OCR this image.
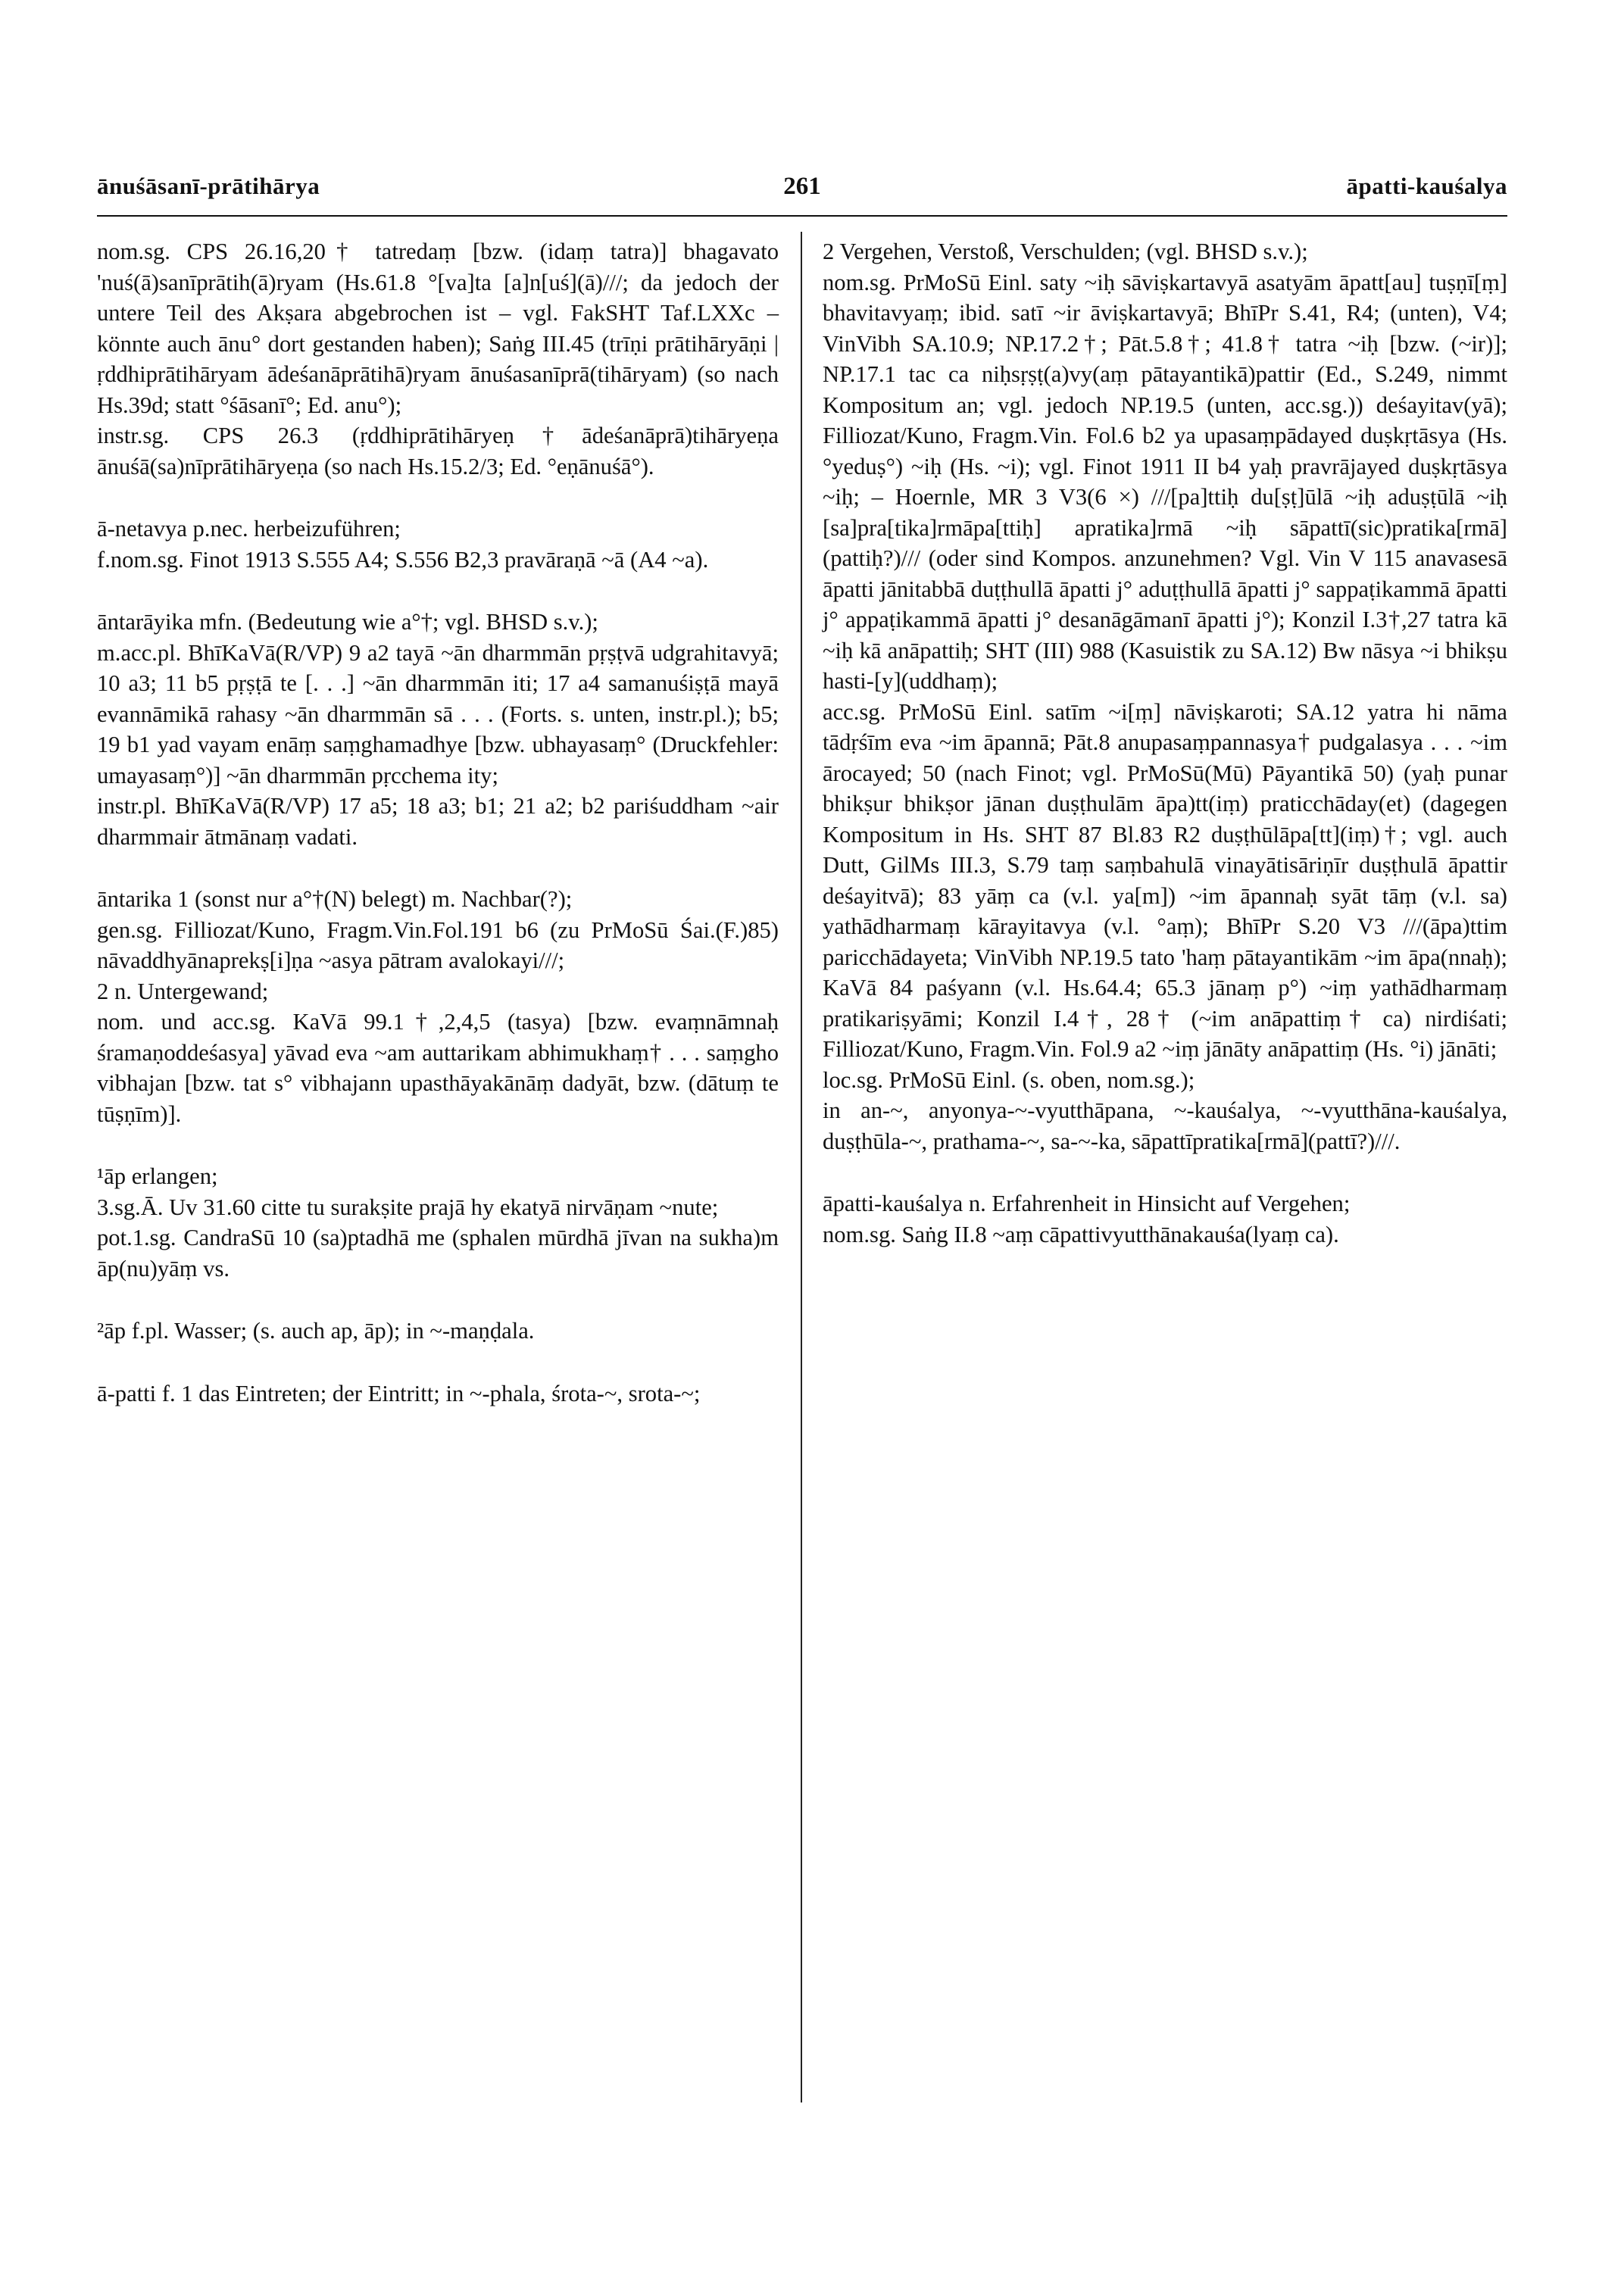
ānuśāsanī-prātihārya	261	āpatti-kauśalya

nom.sg. CPS 26.16,20† tatredaṃ [bzw. (idaṃ tatra)] bhagavato 'nuś(ā)sanīprātih(ā)ryam (Hs.61.8 °[va]ta [a]n[uś](ā)///; da jedoch der untere Teil des Akṣara abgebrochen ist – vgl. FakSHT Taf.LXXc – könnte auch ānu° dort gestanden haben); Saṅg III.45 (trīṇi prātihāryāṇi | ṛddhiprātihāryam ādeśanāprātihā)ryam ānuśasanīprā(tihāryam) (so nach Hs.39d; statt °śāsanī°; Ed. anu°);

instr.sg. CPS 26.3 (ṛddhiprātihāryeṇ†ādeśanāprā)tihāryeṇa ānuśā(sa)nīprātihāryeṇa (so nach Hs.15.2/3; Ed. °eṇānuśā°).

ā-netavya p.nec. herbeizuführen;

f.nom.sg. Finot 1913 S.555 A4; S.556 B2,3 pravāraṇā ~ā (A4 ~a).

āntarāyika mfn. (Bedeutung wie a°†; vgl. BHSD s.v.);

m.acc.pl. BhīKaVā(R/VP) 9 a2 tayā ~ān dharmmān pṛṣṭvā udgrahitavyā; 10 a3; 11 b5 pṛṣṭā te [. . .] ~ān dharmmān iti; 17 a4 samanuśiṣṭā mayā evannāmikā rahasy ~ān dharmmān sā . . . (Forts. s. unten, instr.pl.); b5; 19 b1 yad vayam enāṃ saṃghamadhye [bzw. ubhayasaṃ° (Druckfehler: umayasaṃ°)] ~ān dharmmān pṛcchema ity;

instr.pl. BhīKaVā(R/VP) 17 a5; 18 a3; b1; 21 a2; b2 pariśuddham ~air dharmmair ātmānaṃ vadati.

āntarika 1 (sonst nur a°†(N) belegt) m. Nachbar(?);

gen.sg. Filliozat/Kuno, Fragm.Vin.Fol.191 b6 (zu PrMoSū Śai.(F.)85) nāvaddhyānaprekṣ[i]ṇa ~asya pātram avalokayi///;

2 n. Untergewand;

nom. und acc.sg. KaVā 99.1†,2,4,5 (tasya) [bzw. evaṃnāmnaḥ śramaṇoddeśasya] yāvad eva ~am auttarikam abhimukhaṃ† . . . saṃgho vibhajan [bzw. tat s° vibhajann upasthāyakānāṃ dadyāt, bzw. (dātuṃ te tūṣṇīm)].

¹āp erlangen;

3.sg.Ā. Uv 31.60 citte tu surakṣite prajā hy ekatyā nirvāṇam ~nute;

pot.1.sg. CandraSū 10 (sa)ptadhā me (sphalen mūrdhā jīvan na sukha)m āp(nu)yāṃ vs.

²āp f.pl. Wasser; (s. auch ap, āp); in ~-maṇḍala.

ā-patti f. 1 das Eintreten; der Eintritt; in ~-phala, śrota-~, srota-~;

2 Vergehen, Verstoß, Verschulden; (vgl. BHSD s.v.);

nom.sg. PrMoSū Einl. saty ~iḥ sāviṣkartavyā asatyām āpatt[au] tuṣṇī[ṃ] bhavitavyaṃ; ibid. satī ~ir āviṣkartavyā; BhīPr S.41, R4; (unten), V4; VinVibh SA.10.9; NP.17.2†; Pāt.5.8†; 41.8† tatra ~iḥ [bzw. (~ir)]; NP.17.1 tac ca niḥsṛṣṭ(a)vy(aṃ pātayantikā)pattir (Ed., S.249, nimmt Kompositum an; vgl. jedoch NP.19.5 (unten, acc.sg.)) deśayitav(yā); Filliozat/Kuno, Fragm.Vin. Fol.6 b2 ya upasaṃpādayed duṣkṛtāsya (Hs. °yeduṣ°) ~iḥ (Hs. ~i); vgl. Finot 1911 II b4 yaḥ pravrājayed duṣkṛtāsya ~iḥ; – Hoernle, MR 3 V3(6 ×) ///[pa]ttiḥ du[ṣṭ]ūlā ~iḥ aduṣṭūlā ~iḥ [sa]pra[tika]rmāpa[ttiḥ] apratika]rmā ~iḥ sāpattī(sic)pratika[rmā](pattiḥ?)/// (oder sind Kompos. anzunehmen? Vgl. Vin V 115 anavasesā āpatti jānitabbā duṭṭhullā āpatti j° aduṭṭhullā āpatti j° sappaṭikammā āpatti j° appaṭikammā āpatti j° desanāgāmanī āpatti j°); Konzil I.3†,27 tatra kā ~iḥ kā anāpattiḥ; SHT (III) 988 (Kasuistik zu SA.12) Bw nāsya ~i bhikṣu hasti-[y](uddhaṃ);

acc.sg. PrMoSū Einl. satīm ~i[ṃ] nāviṣkaroti; SA.12 yatra hi nāma tādṛśīm eva ~im āpannā; Pāt.8 anupasaṃpannasya† pudgalasya . . . ~im ārocayed; 50 (nach Finot; vgl. PrMoSū(Mū) Pāyantikā 50) (yaḥ punar bhikṣur bhikṣor jānan duṣṭhulām āpa)tt(iṃ) praticchāday(et) (dagegen Kompositum in Hs. SHT 87 Bl.83 R2 duṣṭhūlāpa[tt](iṃ)†; vgl. auch Dutt, GilMs III.3, S.79 taṃ saṃbahulā vinayātisāriṇīr duṣṭhulā āpattir deśayitvā); 83 yāṃ ca (v.l. ya[m]) ~im āpannaḥ syāt tāṃ (v.l. sa) yathādharmaṃ kārayitavya (v.l. °aṃ); BhīPr S.20 V3 ///(āpa)ttim paricchādayeta; VinVibh NP.19.5 tato 'haṃ pātayantikām ~im āpa(nnaḥ); KaVā 84 paśyann (v.l. Hs.64.4; 65.3 jānaṃ p°) ~iṃ yathādharmaṃ pratikariṣyāmi; Konzil I.4†, 28† (~im anāpattiṃ† ca) nirdiśati; Filliozat/Kuno, Fragm.Vin. Fol.9 a2 ~iṃ jānāty anāpattiṃ (Hs. °i) jānāti;

loc.sg. PrMoSū Einl. (s. oben, nom.sg.);

in an-~, anyonya-~-vyutthāpana, ~-kauśalya, ~-vyutthāna-kauśalya, duṣṭhūla-~, prathama-~, sa-~-ka, sāpattīpratika[rmā](pattī?)///.

āpatti-kauśalya n. Erfahrenheit in Hinsicht auf Vergehen;

nom.sg. Saṅg II.8 ~aṃ cāpattivyutthānakauśa(lyaṃ ca).
